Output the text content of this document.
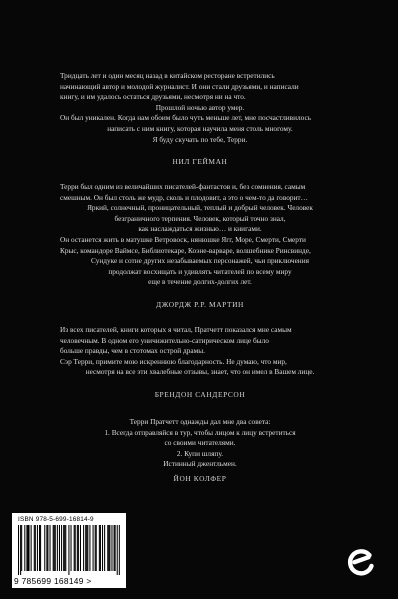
Тридцать лет и один месяц назад в китайском ресторане встретились
начинающий автор и молодой журналист. И они стали друзьями, и написали
книгу, и им удалось остаться друзьями, несмотря ни на что.
Прошлой ночью автор умер.
Он был уникален. Когда нам обоим было чуть меньше лет, мне посчастливилось
написать с ним книгу, которая научила меня столь многому.
Я буду скучать по тебе, Терри.

НИЛ ГЕЙМАН

Терри был одним из величайших писателей-фантастов и, без сомнения, самым
смешным. Он был столь же мудр, сколь и плодовит, а это о чем-то да говорит…
Яркий, солнечный, проницательный, теплый и добрый человек. Человек
безграничного терпения. Человек, который точно знал,
как наслаждаться жизнью… и книгами.
Он останется жить в матушке Ветровоск, нянюшке Ягг, Море, Смерти, Смерти
Крыс, командоре Ваймсе, Библиотекаре, Коэне-варваре, волшебнике Ринсвинде,
Сундуке и сотне других незабываемых персонажей, чьи приключения
продолжат восхищать и удивлять читателей по всему миру
еще в течение долгих-долгих лет.

ДЖОРДЖ Р.Р. МАРТИН

Из всех писателей, книги которых я читал, Пратчетт показался мне самым
человечным. В одном его уничижительно-сатирическом лице было
больше правды, чем в стотомах острой драмы.
Сэр Терри, примите мою искреннюю благодарность. Не думаю, что мир,
несмотря на все эти хвалебные отзывы, знает, что он имел в Вашем лице.

БРЕНДОН САНДЕРСОН

Терри Пратчетт однажды дал мне два совета:
1. Всегда отправляйся в тур, чтобы лицом к лицу встретиться
со своими читателями.
2. Купи шляпу.
Истинный джентльмен.

ЙОН КОЛФЕР
ISBN 978-5-699-16814-9
9 785699 168149 >
